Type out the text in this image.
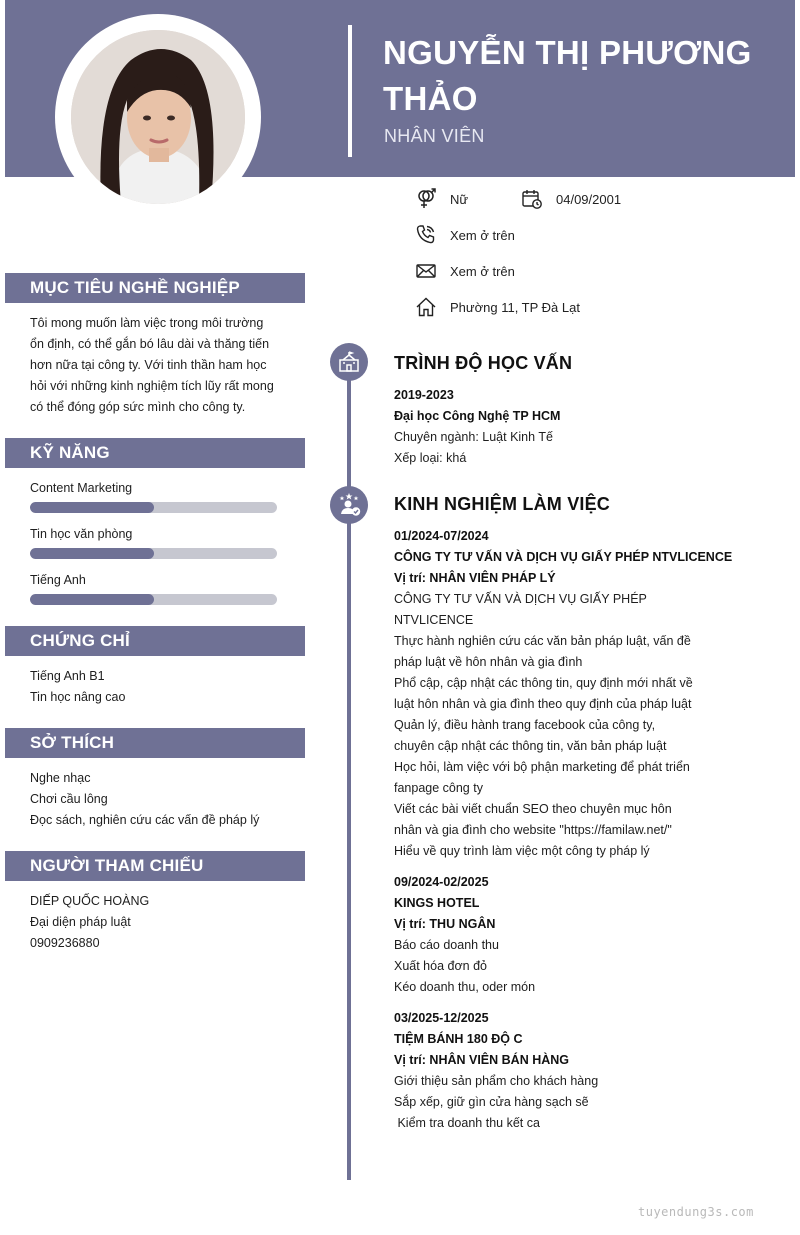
NGUYỄN THỊ PHƯƠNG THẢO
NHÂN VIÊN
Nữ	04/09/2001
Xem ở trên
Xem ở trên
Phường 11, TP Đà Lạt
MỤC TIÊU NGHỀ NGHIỆP
Tôi mong muốn làm việc trong môi trường
ổn định, có thể gắn bó lâu dài và thăng tiến
hơn nữa tại công ty. Với tinh thần ham học
hỏi với những kinh nghiệm tích lũy rất mong
có thể đóng góp sức mình cho công ty.
KỸ NĂNG
Content Marketing
Tin học văn phòng
Tiếng Anh
CHỨNG CHỈ
Tiếng Anh B1
Tin học nâng cao
SỞ THÍCH
Nghe nhạc
Chơi cầu lông
Đọc sách, nghiên cứu các vấn đề pháp lý
NGƯỜI THAM CHIẾU
DIẾP QUỐC HOÀNG
Đại diện pháp luật
0909236880
TRÌNH ĐỘ HỌC VẤN
2019-2023
Đại học Công Nghệ TP HCM
Chuyên ngành: Luật Kinh Tế
Xếp loại: khá
KINH NGHIỆM LÀM VIỆC
01/2024-07/2024
CÔNG TY TƯ VẤN VÀ DỊCH VỤ GIẤY PHÉP NTVLICENCE
Vị trí: NHÂN VIÊN PHÁP LÝ
CÔNG TY TƯ VẤN VÀ DỊCH VỤ GIẤY PHÉP
NTVLICENCE
Thực hành nghiên cứu các văn bản pháp luật, vấn đề
pháp luật về hôn nhân và gia đình
Phổ cập, cập nhật các thông tin, quy định mới nhất về
luật hôn nhân và gia đình theo quy định của pháp luật
Quản lý, điều hành trang facebook của công ty,
chuyên cập nhật các thông tin, văn bản pháp luật
Học hỏi, làm việc với bộ phận marketing để phát triển
fanpage công ty
Viết các bài viết chuẩn SEO theo chuyên mục hôn
nhân và gia đình cho website "https://familaw.net/"
Hiểu về quy trình làm việc một công ty pháp lý
09/2024-02/2025
KINGS HOTEL
Vị trí: THU NGÂN
Báo cáo doanh thu
Xuất hóa đơn đỏ
Kéo doanh thu, oder món
03/2025-12/2025
TIỆM BÁNH 180 ĐỘ C
Vị trí: NHÂN VIÊN BÁN HÀNG
Giới thiệu sản phẩm cho khách hàng
Sắp xếp, giữ gìn cửa hàng sạch sẽ
Kiểm tra doanh thu kết ca
tuyendung3s.com
